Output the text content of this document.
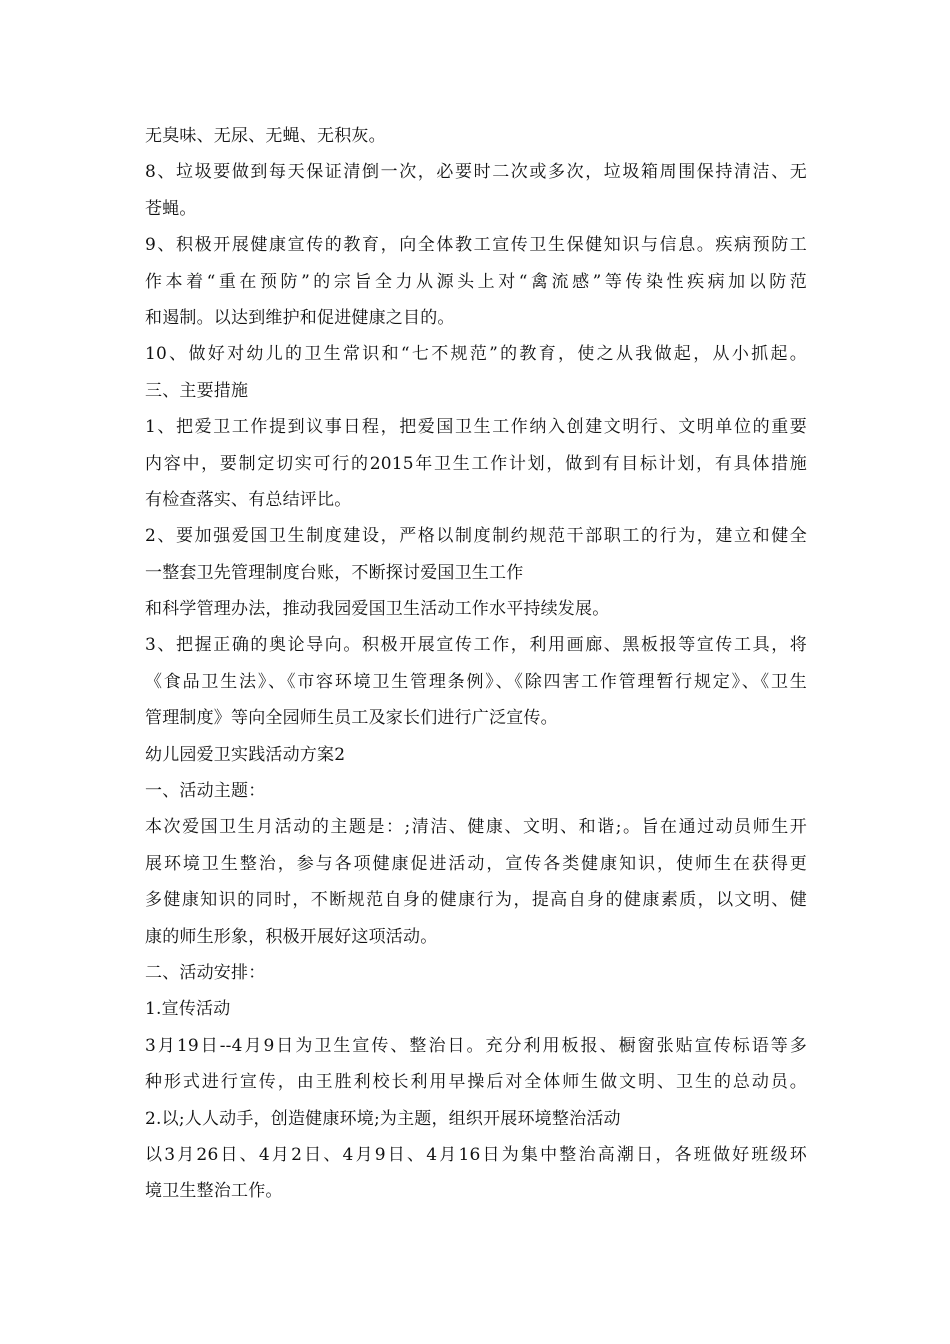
无臭味、无尿、无蝇、无积灰。
8、垃圾要做到每天保证清倒一次，必要时二次或多次，垃圾箱周围保持清洁、无
苍蝇。
9、积极开展健康宣传的教育，向全体教工宣传卫生保健知识与信息。疾病预防工
作本着“重在预防”的宗旨全力从源头上对“禽流感”等传染性疾病加以防范
和遏制。以达到维护和促进健康之目的。
10、做好对幼儿的卫生常识和“七不规范”的教育，使之从我做起，从小抓起。
三、主要措施
1、把爱卫工作提到议事日程，把爱国卫生工作纳入创建文明行、文明单位的重要
内容中，要制定切实可行的2015年卫生工作计划，做到有目标计划，有具体措施
有检查落实、有总结评比。
2、要加强爱国卫生制度建设，严格以制度制约规范干部职工的行为，建立和健全
一整套卫先管理制度台账，不断探讨爱国卫生工作
和科学管理办法，推动我园爱国卫生活动工作水平持续发展。
3、把握正确的奥论导向。积极开展宣传工作，利用画廊、黑板报等宣传工具，将
《食品卫生法》、《市容环境卫生管理条例》、《除四害工作管理暂行规定》、《卫生
管理制度》等向全园师生员工及家长们进行广泛宣传。
幼儿园爱卫实践活动方案2
一、活动主题：
本次爱国卫生月活动的主题是：;清洁、健康、文明、和谐;。旨在通过动员师生开
展环境卫生整治，参与各项健康促进活动，宣传各类健康知识，使师生在获得更
多健康知识的同时，不断规范自身的健康行为，提高自身的健康素质，以文明、健
康的师生形象，积极开展好这项活动。
二、活动安排：
1.宣传活动
3月19日--4月9日为卫生宣传、整治日。充分利用板报、橱窗张贴宣传标语等多
种形式进行宣传，由王胜利校长利用早操后对全体师生做文明、卫生的总动员。
2.以;人人动手，创造健康环境;为主题，组织开展环境整治活动
以3月26日、4月2日、4月9日、4月16日为集中整治高潮日，各班做好班级环
境卫生整治工作。
